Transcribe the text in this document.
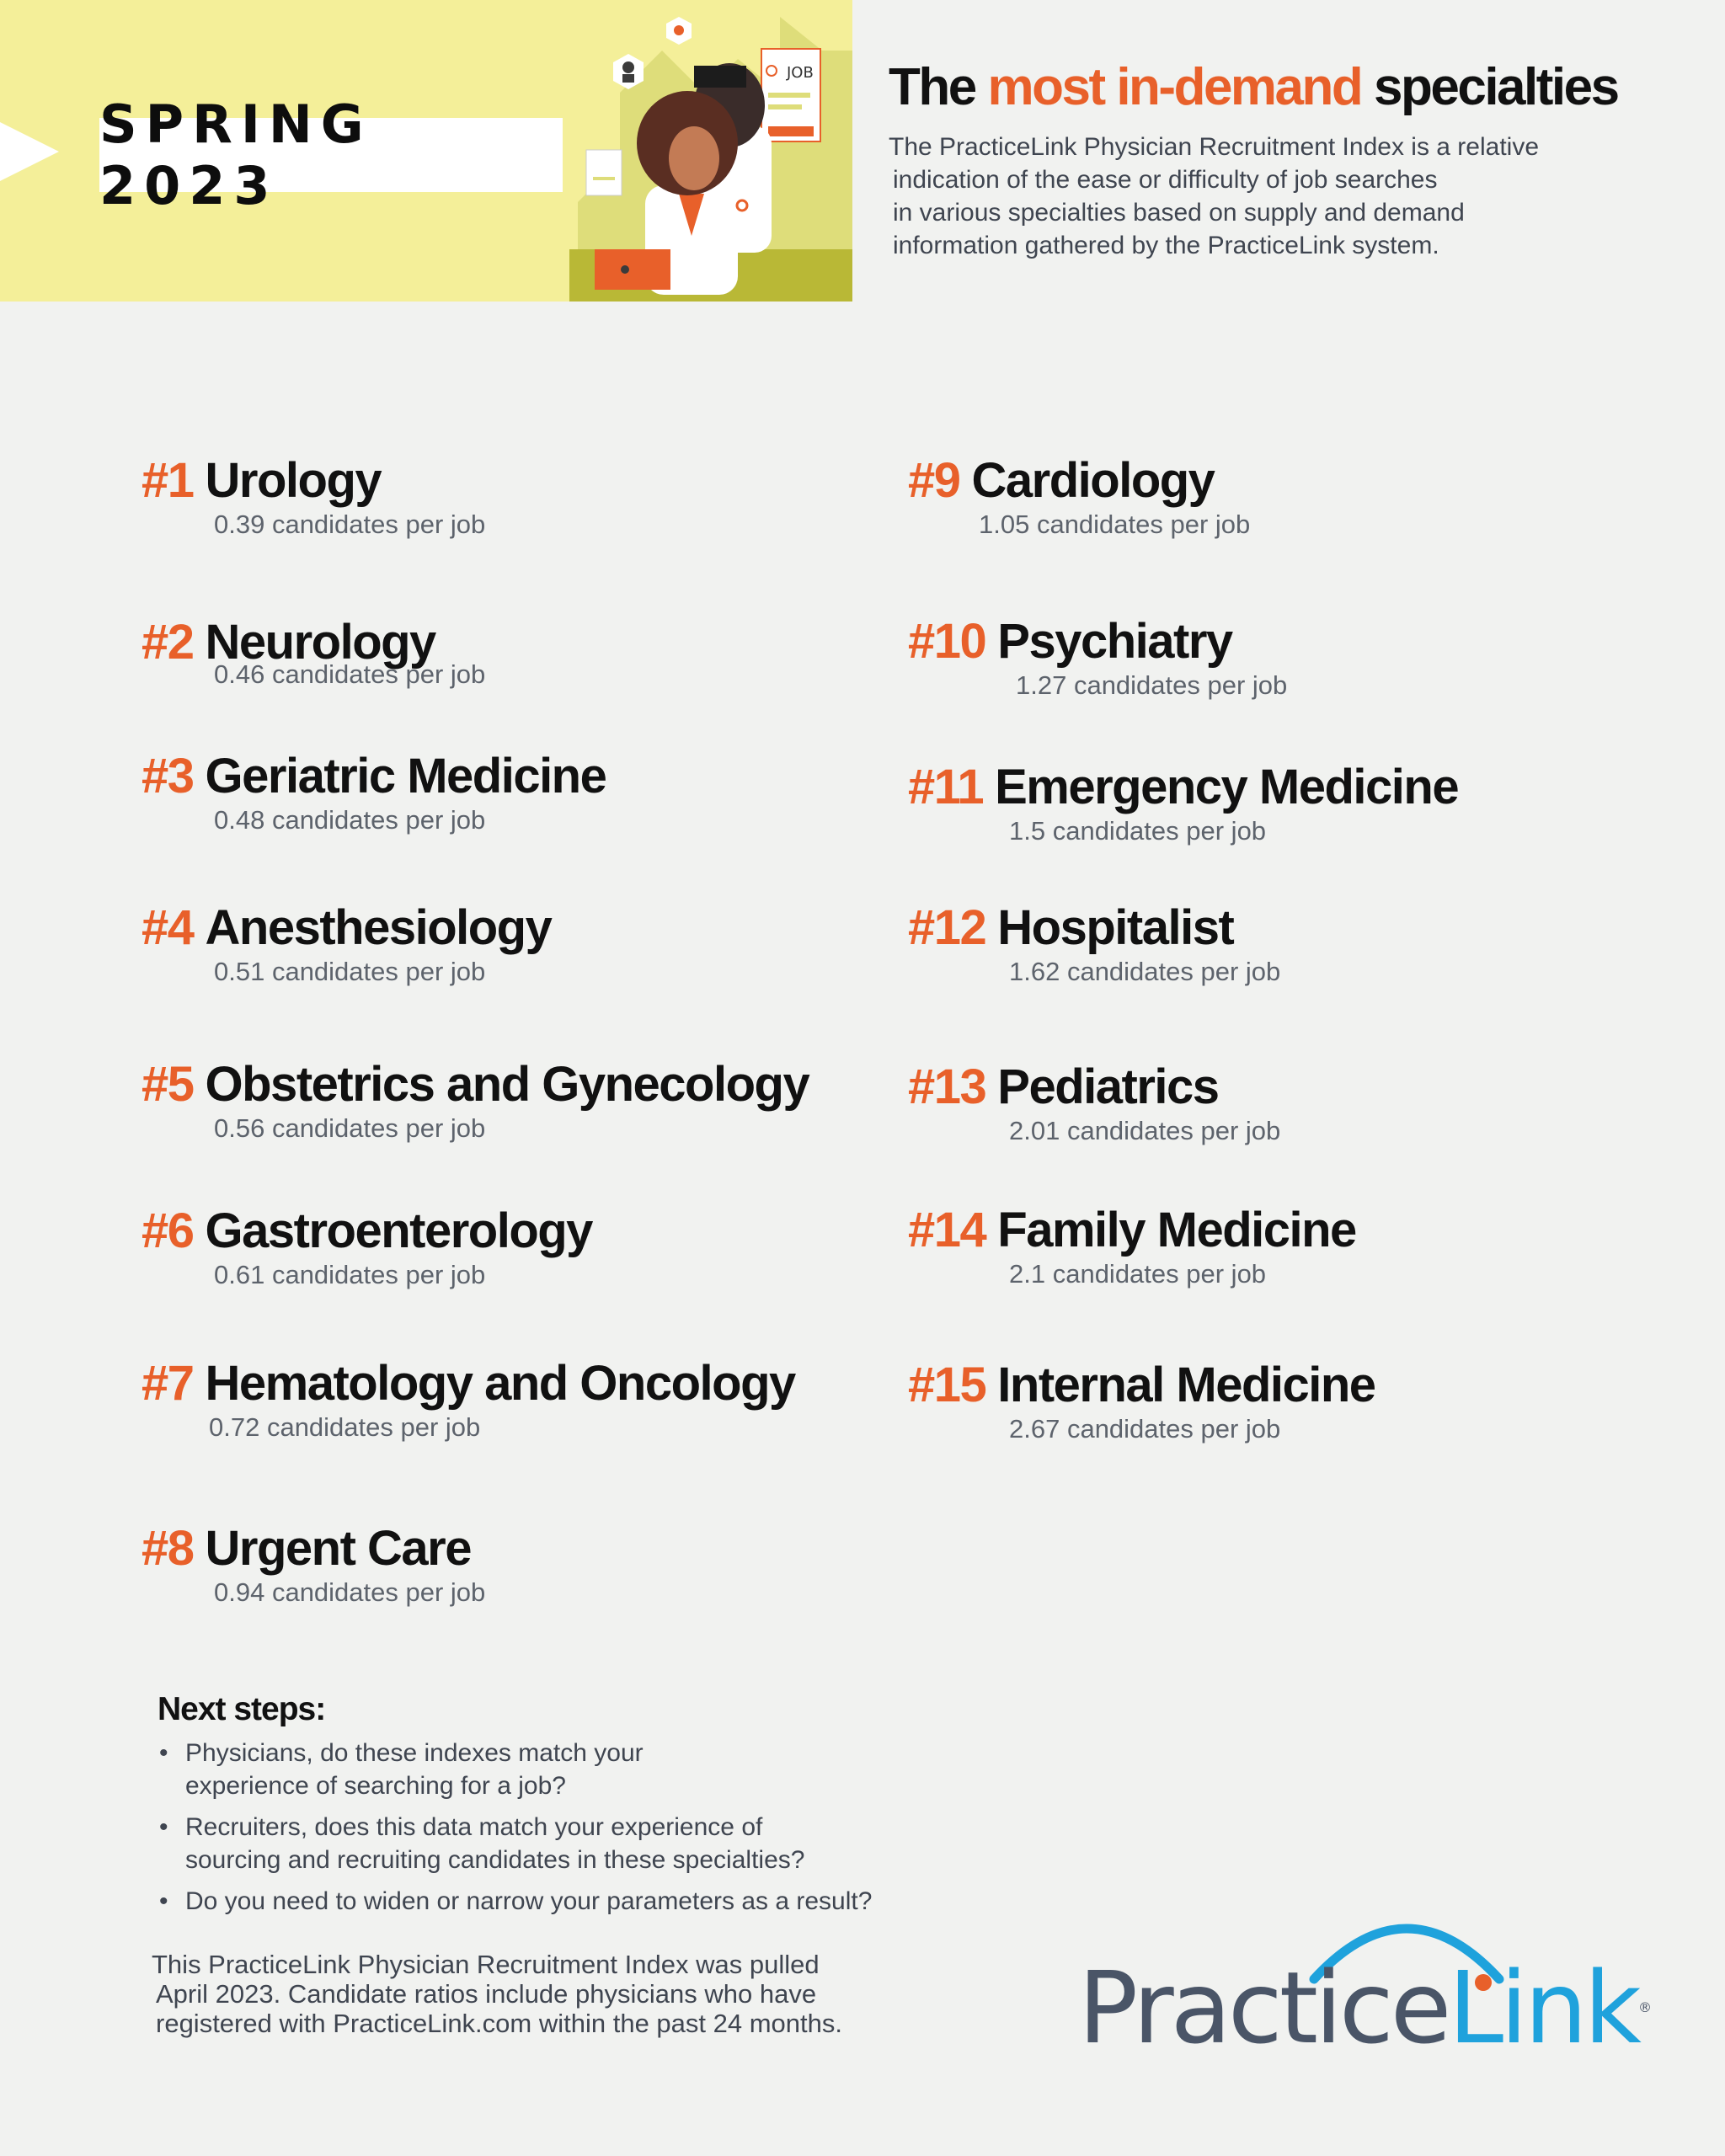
SPRING 2023
JOB The most in-demand specialties
The PracticeLink Physician Recruitment Index is a relative
indication of the ease or difficulty of job searches
in various specialties based on supply and demand
information gathered by the PracticeLink system.
#1 Urology
0.39 candidates per job
#2 Neurology
0.46 candidates per job
#3 Geriatric Medicine
0.48 candidates per job
#4 Anesthesiology
0.51 candidates per job
#5 Obstetrics and Gynecology
0.56 candidates per job
#6 Gastroenterology
0.61 candidates per job
#7 Hematology and Oncology
0.72 candidates per job
#8 Urgent Care
0.94 candidates per job
#9 Cardiology
1.05 candidates per job
#10 Psychiatry
1.27 candidates per job
#11 Emergency Medicine
1.5 candidates per job
#12 Hospitalist
1.62 candidates per job
#13 Pediatrics
2.01 candidates per job
#14 Family Medicine
2.1 candidates per job
#15 Internal Medicine
2.67 candidates per job
Next steps:
• Physicians, do these indexes match your
experience of searching for a job?
• Recruiters, does this data match your experience of
sourcing and recruiting candidates in these specialties?
• Do you need to widen or narrow your parameters as a result?
This PracticeLink Physician Recruitment Index was pulled
April 2023. Candidate ratios include physicians who have
registered with PracticeLink.com within the past 24 months.	PracticeLink®
